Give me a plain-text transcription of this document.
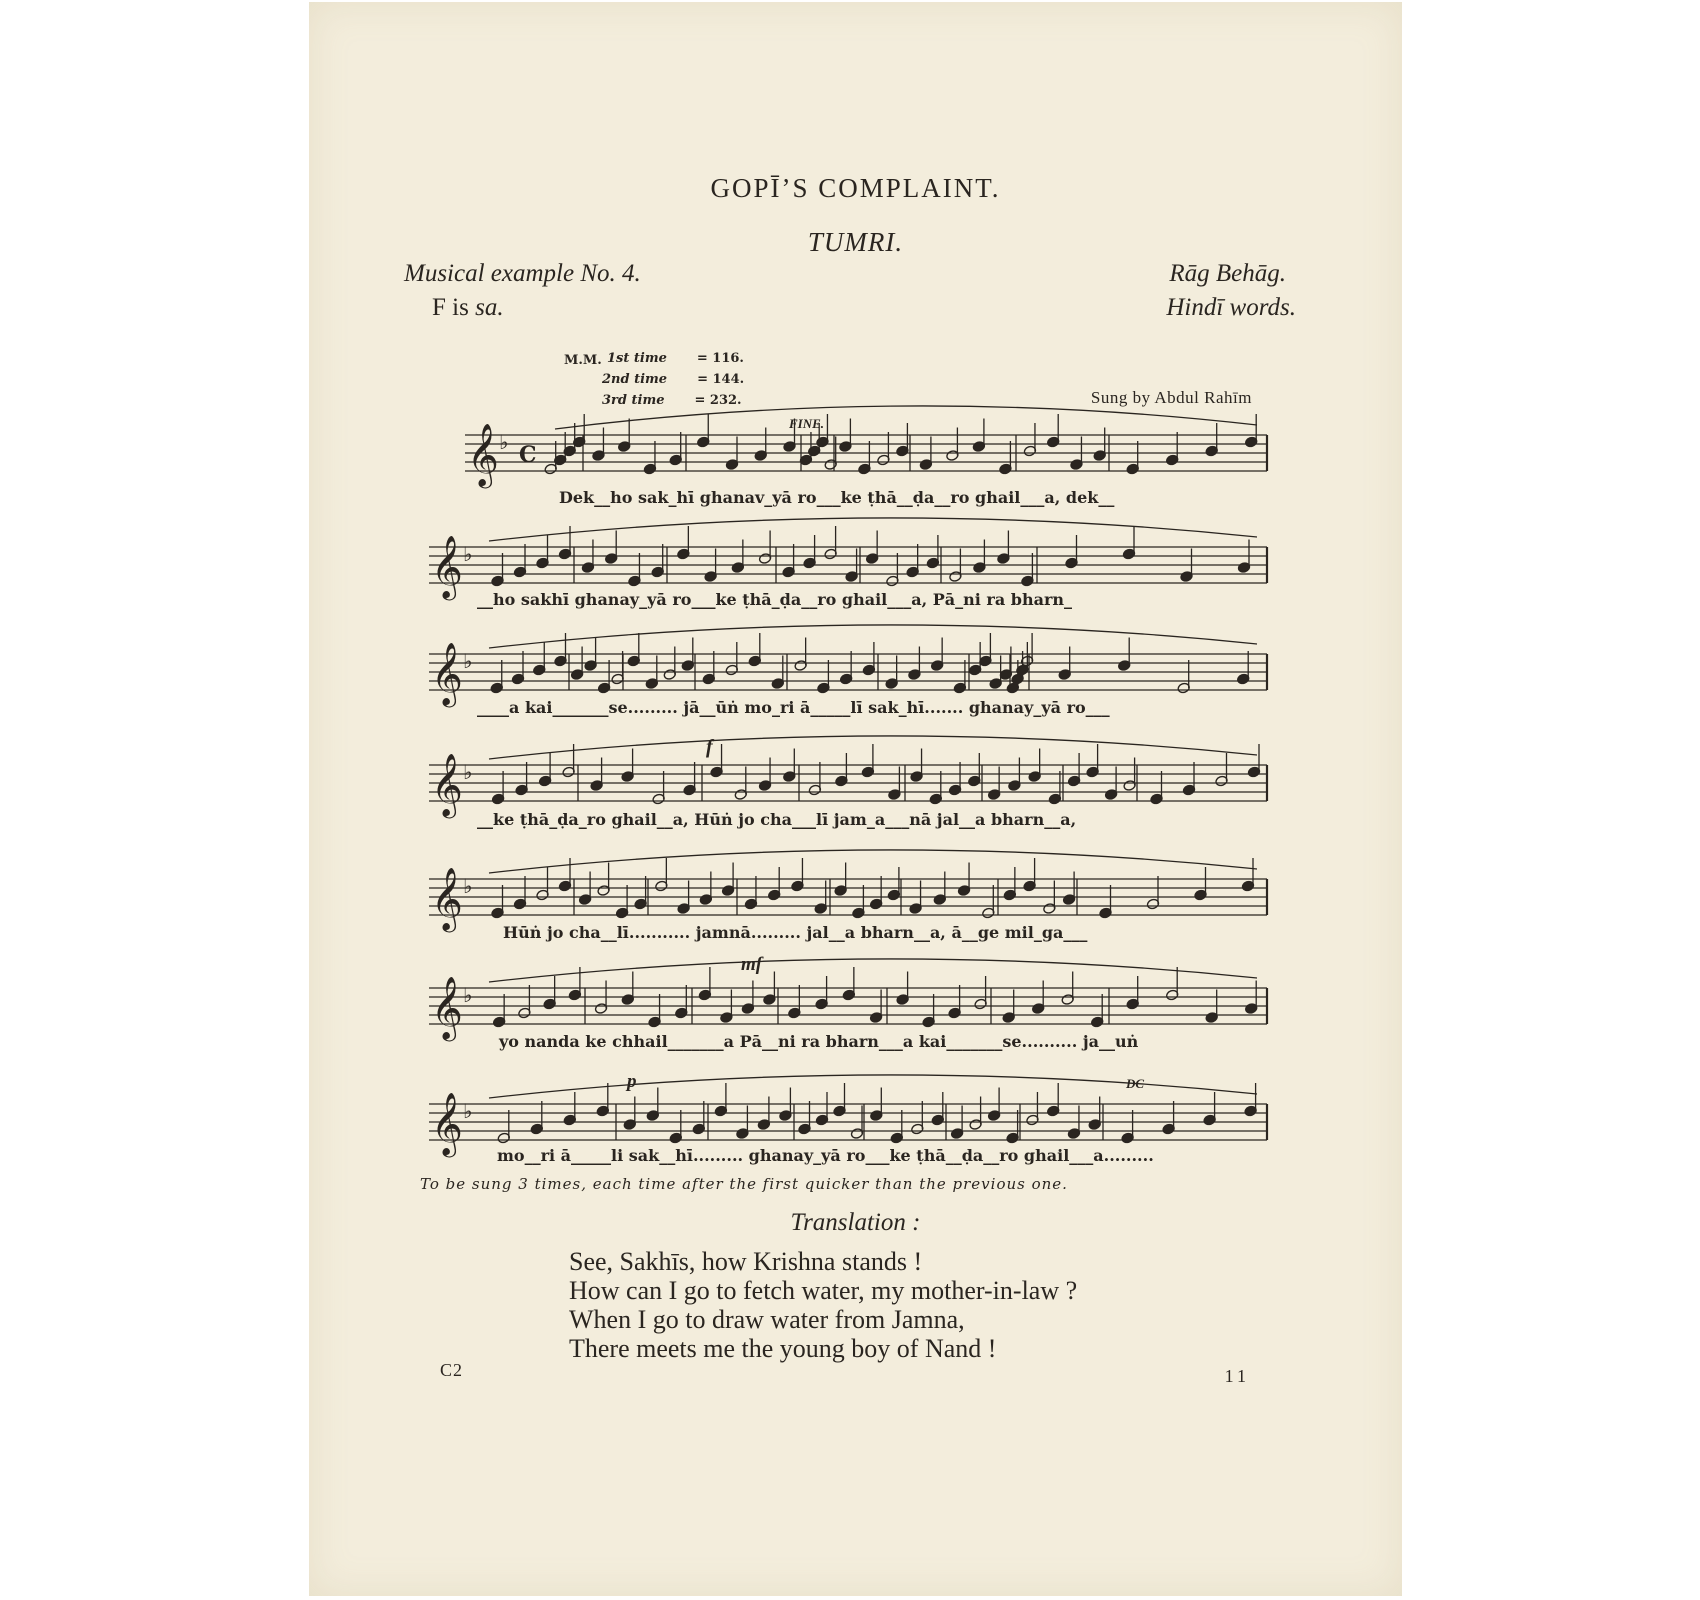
GOPĪ’S COMPLAINT.
TUMRI.
Musical example No. 4.
F is sa.
Rāg Behāg.
Hindī words.
M.M. 1st time = 116.
2nd time = 144.
3rd time = 232.	Sung by Abdul Rahīm
𝄞 ♭ C
𝄞 ♭
𝄞 ♭
𝄞 ♭
𝄞 ♭
𝄞 ♭
𝄞 ♭
FINE.
DC
f
mf
p
Dek__ho sak_hī ghanav_yā ro___ke ṭhā__ḍa__ro ghail___a, dek__
__ho sakhī ghanay_yā ro___ke ṭhā_ḍa__ro ghail___a, Pā_ni ra bharn_
____a kai_______se......... jā__ūṅ mo_ri ā_____lī sak_hī....... ghanay_yā ro___
__ke ṭhā_ḍa_ro ghail__a, Hūṅ jo cha___lī jam_a___nā jal__a bharn__a,
Hūṅ jo cha__lī........... jamnā......... jal__a bharn__a, ā__ge mil_ga___
yo nanda ke chhail_______a Pā__ni ra bharn___a kai_______se.......... ja__uṅ
mo__ri ā_____li sak__hī......... ghanay_yā ro___ke ṭhā__ḍa__ro ghail___a.........
To be sung 3 times, each time after the first quicker than the previous one.
Translation :
See, Sakhīs, how Krishna stands !
How can I go to fetch water, my mother-in-law ?
When I go to draw water from Jamna,
There meets me the young boy of Nand !
C2	11
